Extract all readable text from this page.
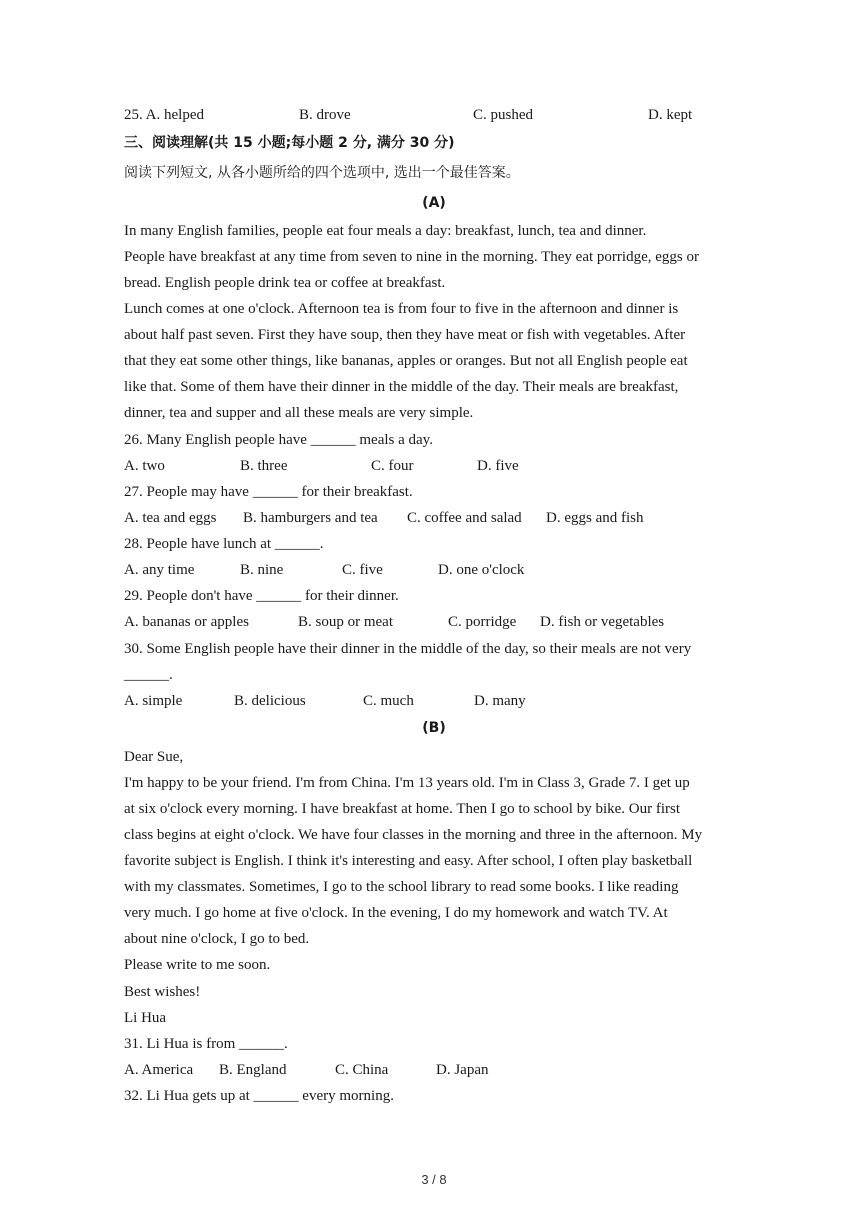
25. A. helped	B. drove	C. pushed	D. kept
三、阅读理解(共 15 小题;每小题 2 分, 满分 30 分)
阅读下列短文, 从各小题所给的四个选项中, 选出一个最佳答案。
(A)
In many English families, people eat four meals a day: breakfast, lunch, tea and dinner.
People have breakfast at any time from seven to nine in the morning. They eat porridge, eggs or
bread. English people drink tea or coffee at breakfast.
Lunch comes at one o'clock. Afternoon tea is from four to five in the afternoon and dinner is
about half past seven. First they have soup, then they have meat or fish with vegetables. After
that they eat some other things, like bananas, apples or oranges. But not all English people eat
like that. Some of them have their dinner in the middle of the day. Their meals are breakfast,
dinner, tea and supper and all these meals are very simple.
26. Many English people have ______ meals a day.
A. two	B. three	C. four	D. five
27. People may have ______ for their breakfast.
A. tea and eggs B. hamburgers and tea C. coffee and salad D. eggs and fish
28. People have lunch at ______.
A. any time	B. nine	C. five	D. one o'clock
29. People don't have ______ for their dinner.
A. bananas or apples	B. soup or meat	C. porridge D. fish or vegetables
30. Some English people have their dinner in the middle of the day, so their meals are not very
______.
A. simple	B. delicious	C. much	D. many
(B)
Dear Sue,
I'm happy to be your friend. I'm from China. I'm 13 years old. I'm in Class 3, Grade 7. I get up
at six o'clock every morning. I have breakfast at home. Then I go to school by bike. Our first
class begins at eight o'clock. We have four classes in the morning and three in the afternoon. My
favorite subject is English. I think it's interesting and easy. After school, I often play basketball
with my classmates. Sometimes, I go to the school library to read some books. I like reading
very much. I go home at five o'clock. In the evening, I do my homework and watch TV. At
about nine o'clock, I go to bed.
Please write to me soon.
Best wishes!
Li Hua
31. Li Hua is from ______.
A. America B. England	C. China	D. Japan
32. Li Hua gets up at ______ every morning.
3 / 8
